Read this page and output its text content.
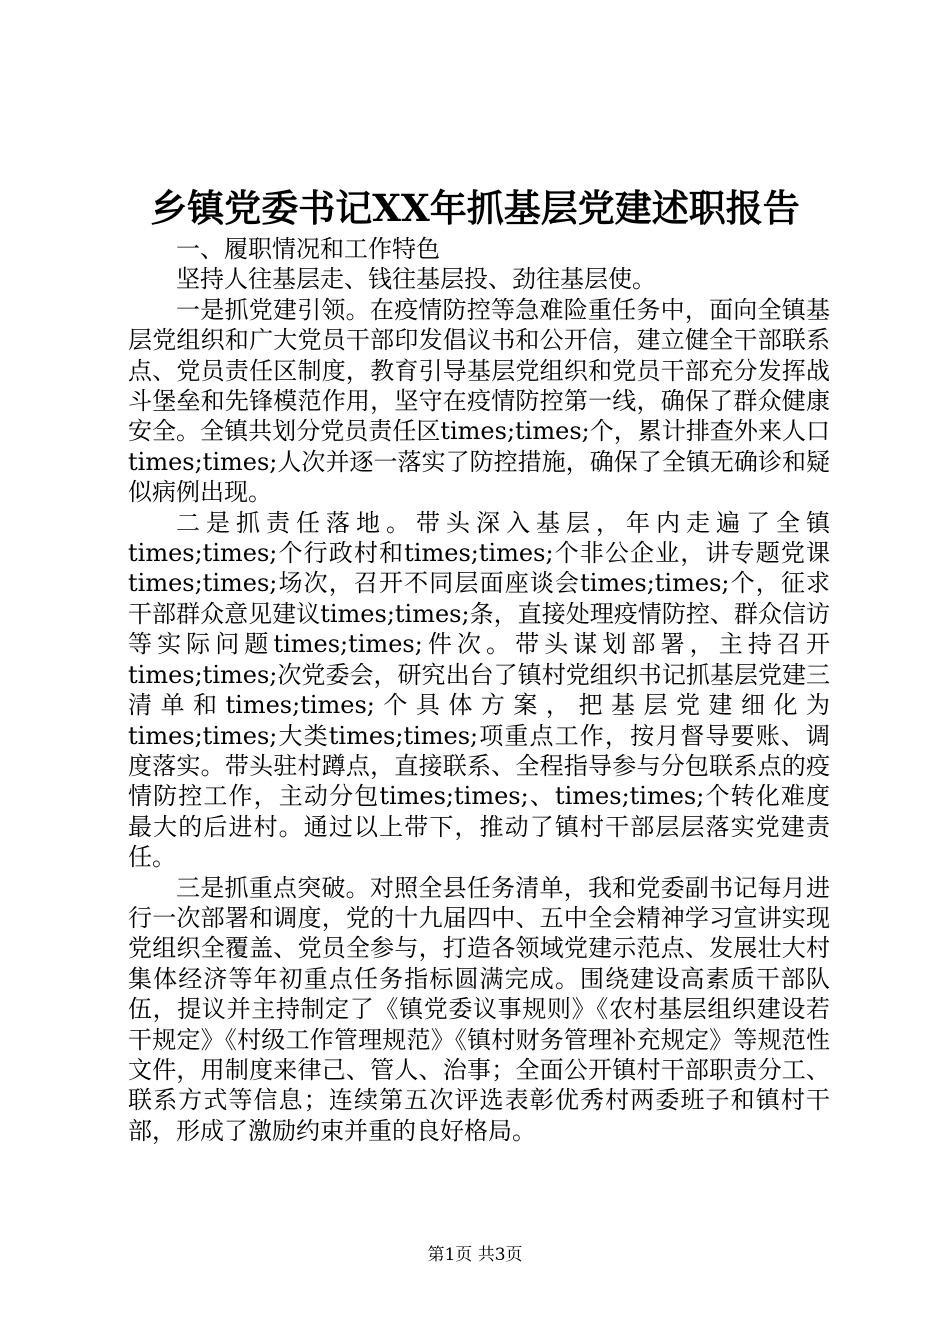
乡镇党委书记XX年抓基层党建述职报告

一、履职情况和工作特色

坚持人往基层走、钱往基层投、劲往基层使。

一是抓党建引领。在疫情防控等急难险重任务中，面向全镇基层党组织和广大党员干部印发倡议书和公开信，建立健全干部联系点、党员责任区制度，教育引导基层党组织和党员干部充分发挥战斗堡垒和先锋模范作用，坚守在疫情防控第一线，确保了群众健康安全。全镇共划分党员责任区times;times;个，累计排查外来人口times;times;人次并逐一落实了防控措施，确保了全镇无确诊和疑似病例出现。

二是抓责任落地。带头深入基层，年内走遍了全镇times;times;个行政村和times;times;个非公企业，讲专题党课times;times;场次，召开不同层面座谈会times;times;个，征求干部群众意见建议times;times;条，直接处理疫情防控、群众信访等实际问题times;times;件次。带头谋划部署，主持召开times;times;次党委会，研究出台了镇村党组织书记抓基层党建三清单和times;times;个具体方案，把基层党建细化为times;times;大类times;times;项重点工作，按月督导要账、调度落实。带头驻村蹲点，直接联系、全程指导参与分包联系点的疫情防控工作，主动分包times;times;、times;times;个转化难度最大的后进村。通过以上带下，推动了镇村干部层层落实党建责任。

三是抓重点突破。对照全县任务清单，我和党委副书记每月进行一次部署和调度，党的十九届四中、五中全会精神学习宣讲实现党组织全覆盖、党员全参与，打造各领域党建示范点、发展壮大村集体经济等年初重点任务指标圆满完成。围绕建设高素质干部队伍，提议并主持制定了《镇党委议事规则》《农村基层组织建设若干规定》《村级工作管理规范》《镇村财务管理补充规定》等规范性文件，用制度来律己、管人、治事；全面公开镇村干部职责分工、联系方式等信息；连续第五次评选表彰优秀村两委班子和镇村干部，形成了激励约束并重的良好格局。

第1页 共3页
